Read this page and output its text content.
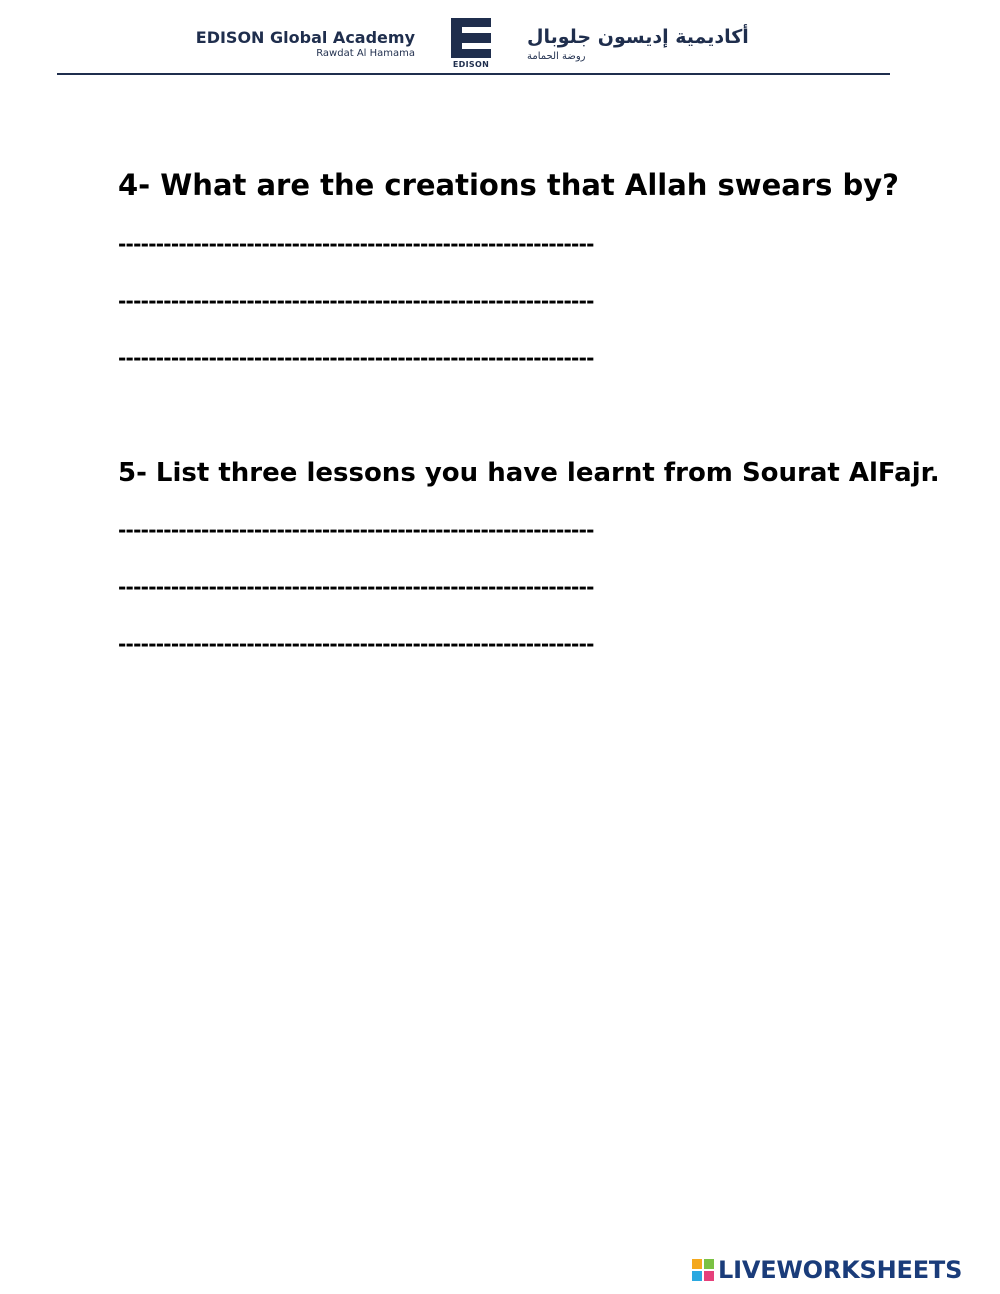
EDISON Global Academy
Rawdat Al Hamama
EDISON
أكاديمية إديسون جلوبال
روضة الحمامة
4- What are the creations that Allah swears by?
---------------------------------------------------------------
---------------------------------------------------------------
---------------------------------------------------------------
5- List three lessons you have learnt from Sourat AlFajr.
---------------------------------------------------------------
---------------------------------------------------------------
---------------------------------------------------------------
LIVEWORKSHEETS
